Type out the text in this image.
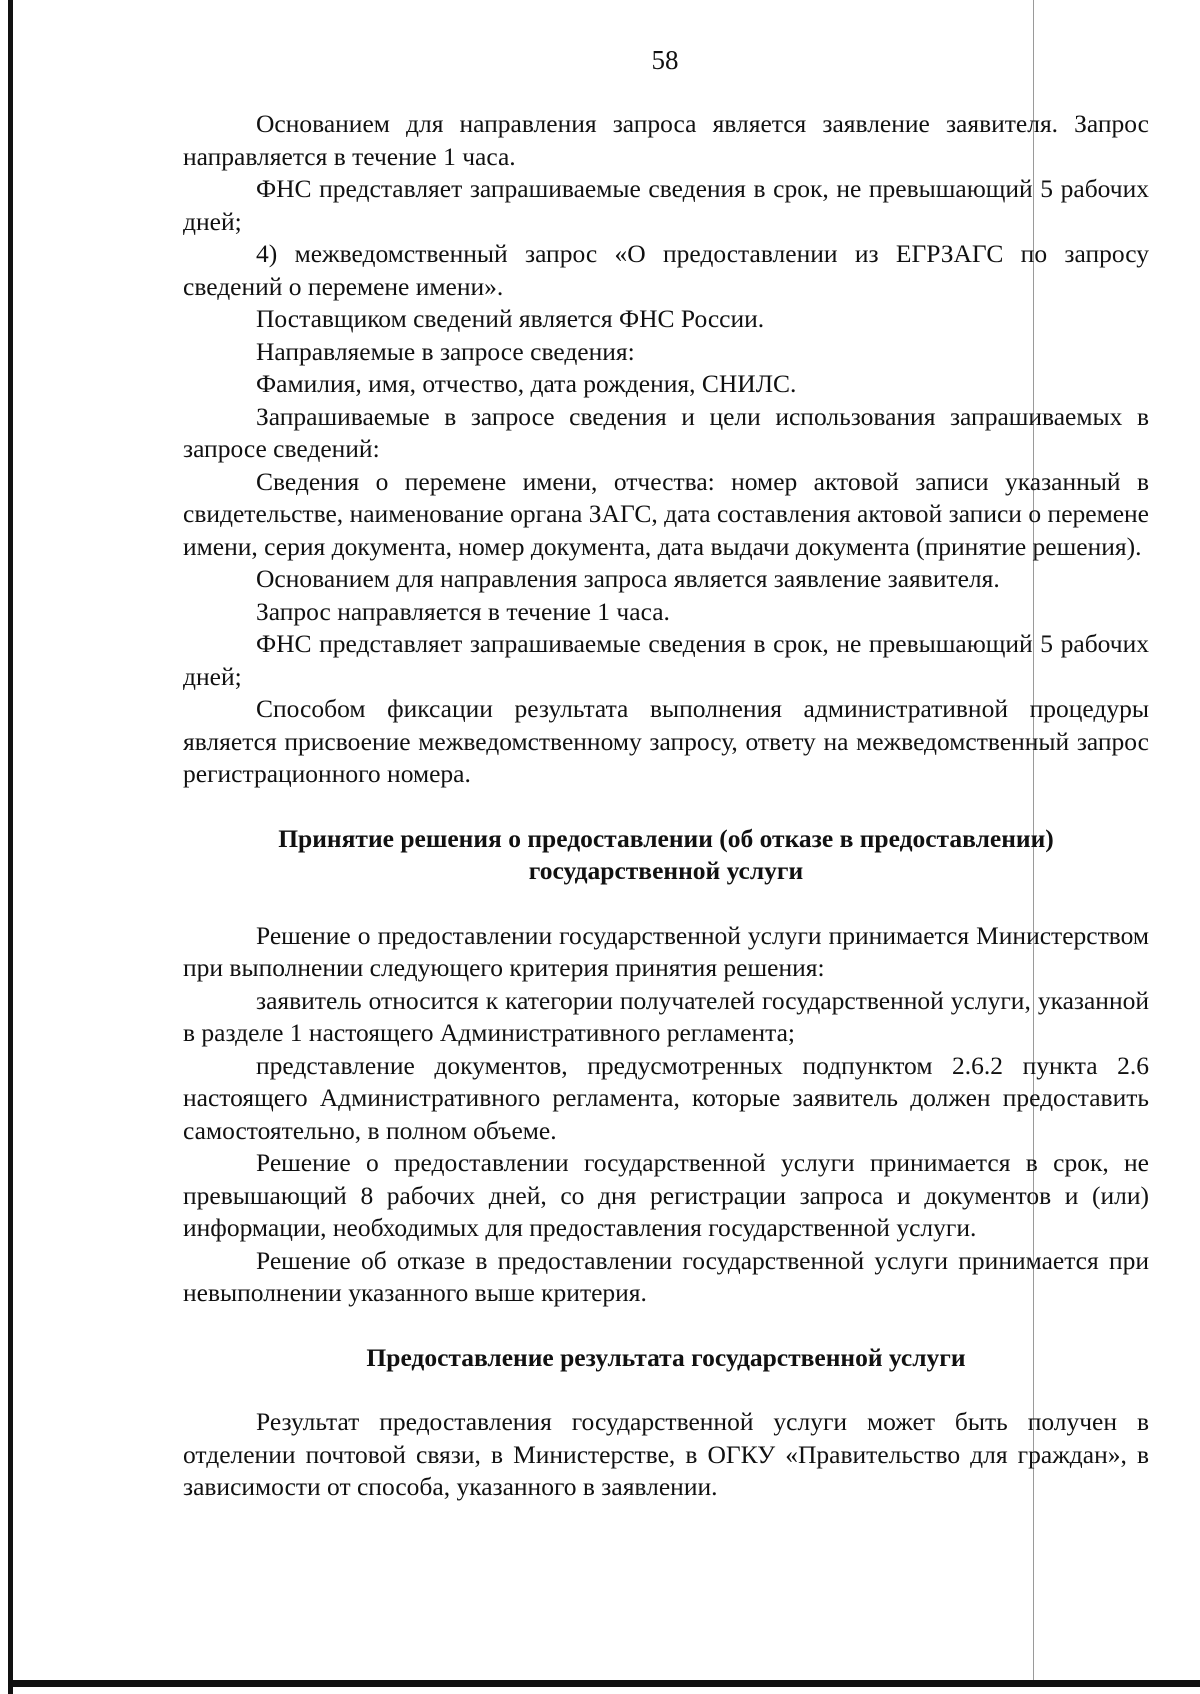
58

Основанием для направления запроса является заявление заявителя. Запрос направляется в течение 1 часа.

ФНС представляет запрашиваемые сведения в срок, не превышающий 5 рабочих дней;

4) межведомственный запрос «О предоставлении из ЕГРЗАГС по запросу сведений о перемене имени».

Поставщиком сведений является ФНС России.

Направляемые в запросе сведения:

Фамилия, имя, отчество, дата рождения, СНИЛС.

Запрашиваемые в запросе сведения и цели использования запрашиваемых в запросе сведений:

Сведения о перемене имени, отчества: номер актовой записи указанный в свидетельстве, наименование органа ЗАГС, дата составления актовой записи о перемене имени, серия документа, номер документа, дата выдачи документа (принятие решения).

Основанием для направления запроса является заявление заявителя.

Запрос направляется в течение 1 часа.

ФНС представляет запрашиваемые сведения в срок, не превышающий 5 рабочих дней;

Способом фиксации результата выполнения административной процедуры является присвоение межведомственному запросу, ответу на межведомственный запрос регистрационного номера.

Принятие решения о предоставлении (об отказе в предоставлении)
государственной услуги

Решение о предоставлении государственной услуги принимается Министерством при выполнении следующего критерия принятия решения:

заявитель относится к категории получателей государственной услуги, указанной в разделе 1 настоящего Административного регламента;

представление документов, предусмотренных подпунктом 2.6.2 пункта 2.6 настоящего Административного регламента, которые заявитель должен предоставить самостоятельно, в полном объеме.

Решение о предоставлении государственной услуги принимается в срок, не превышающий 8 рабочих дней, со дня регистрации запроса и документов и (или) информации, необходимых для предоставления государственной услуги.

Решение об отказе в предоставлении государственной услуги принимается при невыполнении указанного выше критерия.

Предоставление результата государственной услуги

Результат предоставления государственной услуги может быть получен в отделении почтовой связи, в Министерстве, в ОГКУ «Правительство для граждан», в зависимости от способа, указанного в заявлении.
